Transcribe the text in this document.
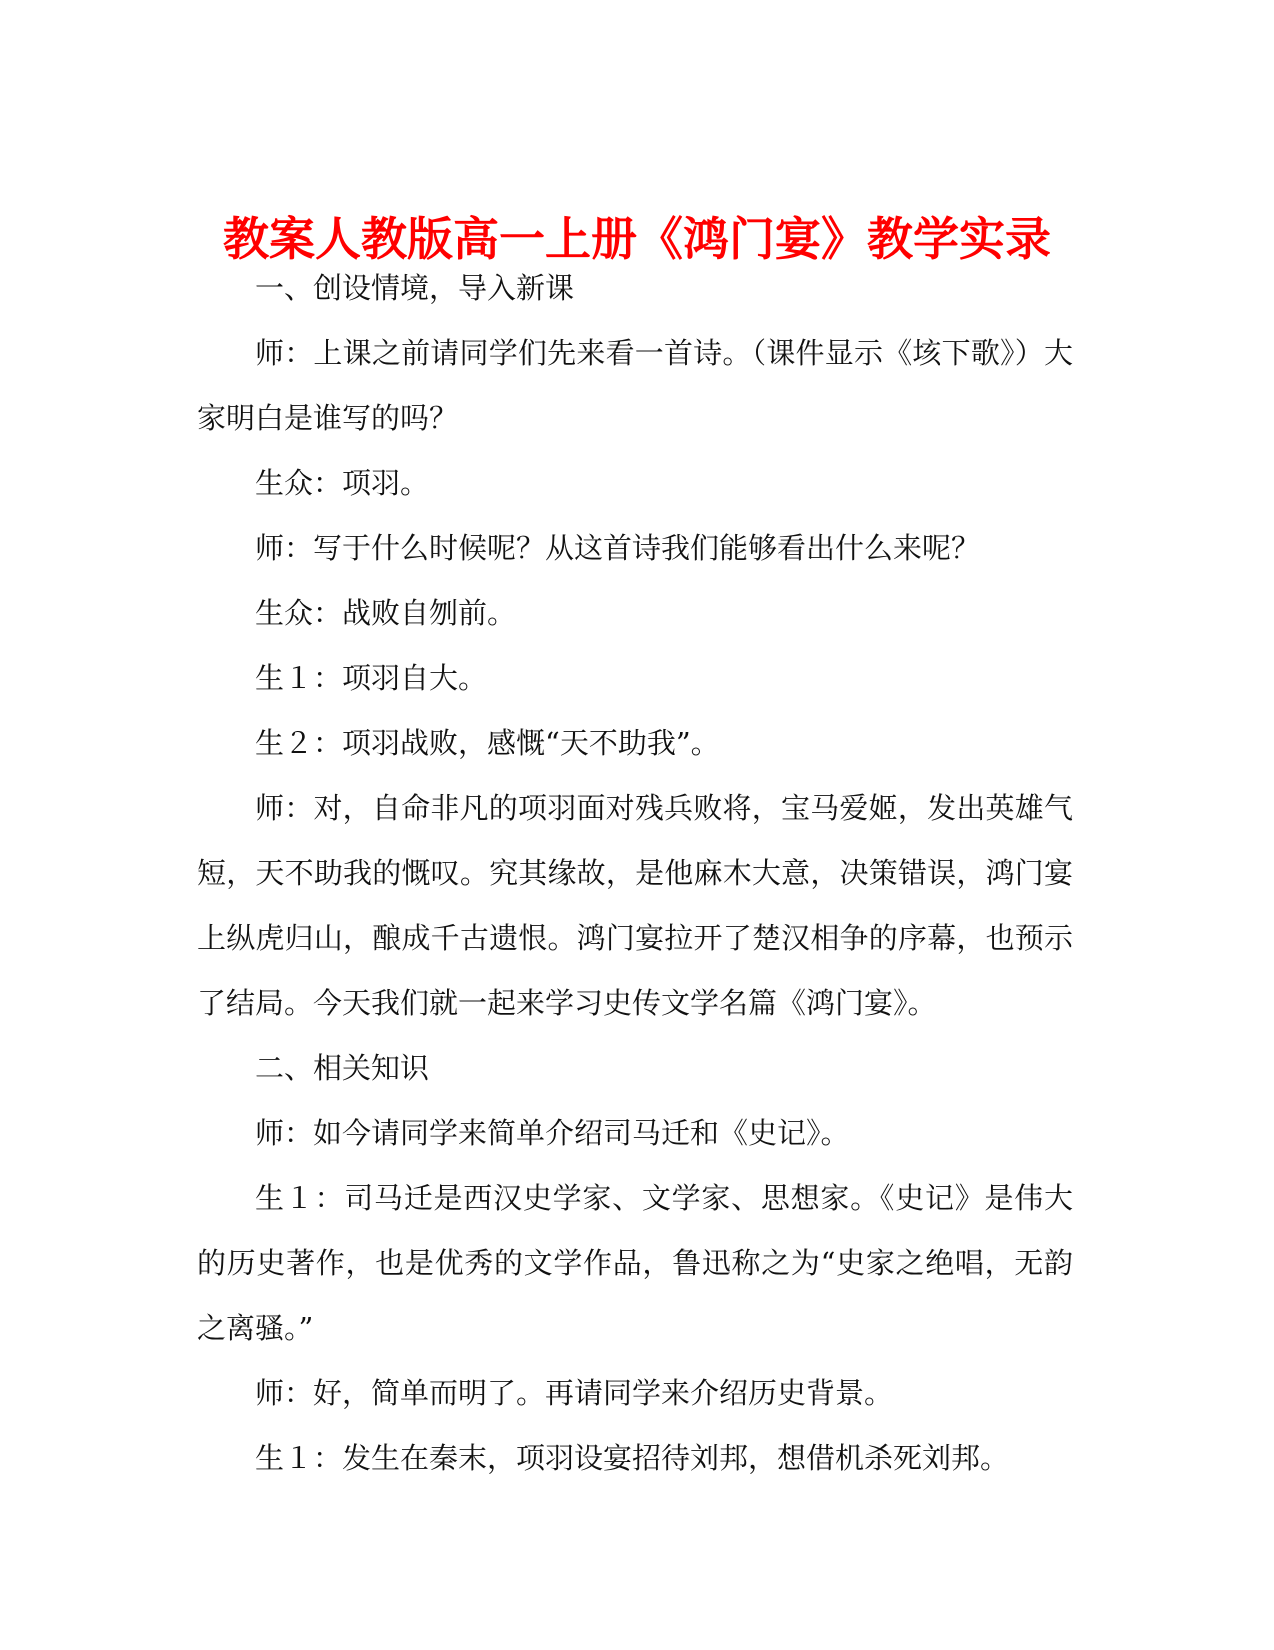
教案人教版高一上册《鸿门宴》教学实录

一、创设情境，导入新课

师：上课之前请同学们先来看一首诗。（课件显示《垓下歌》）大家明白是谁写的吗？

生众：项羽。

师：写于什么时候呢？从这首诗我们能够看出什么来呢？

生众：战败自刎前。

生１：项羽自大。

生２：项羽战败，感慨“天不助我”。

师：对，自命非凡的项羽面对残兵败将，宝马爱姬，发出英雄气短，天不助我的慨叹。究其缘故，是他麻木大意，决策错误，鸿门宴上纵虎归山，酿成千古遗恨。鸿门宴拉开了楚汉相争的序幕，也预示了结局。今天我们就一起来学习史传文学名篇《鸿门宴》。

二、相关知识

师：如今请同学来简单介绍司马迁和《史记》。

生１：司马迁是西汉史学家、文学家、思想家。《史记》是伟大的历史著作，也是优秀的文学作品，鲁迅称之为“史家之绝唱，无韵之离骚。”

师：好，简单而明了。再请同学来介绍历史背景。

生１：发生在秦末，项羽设宴招待刘邦，想借机杀死刘邦。
